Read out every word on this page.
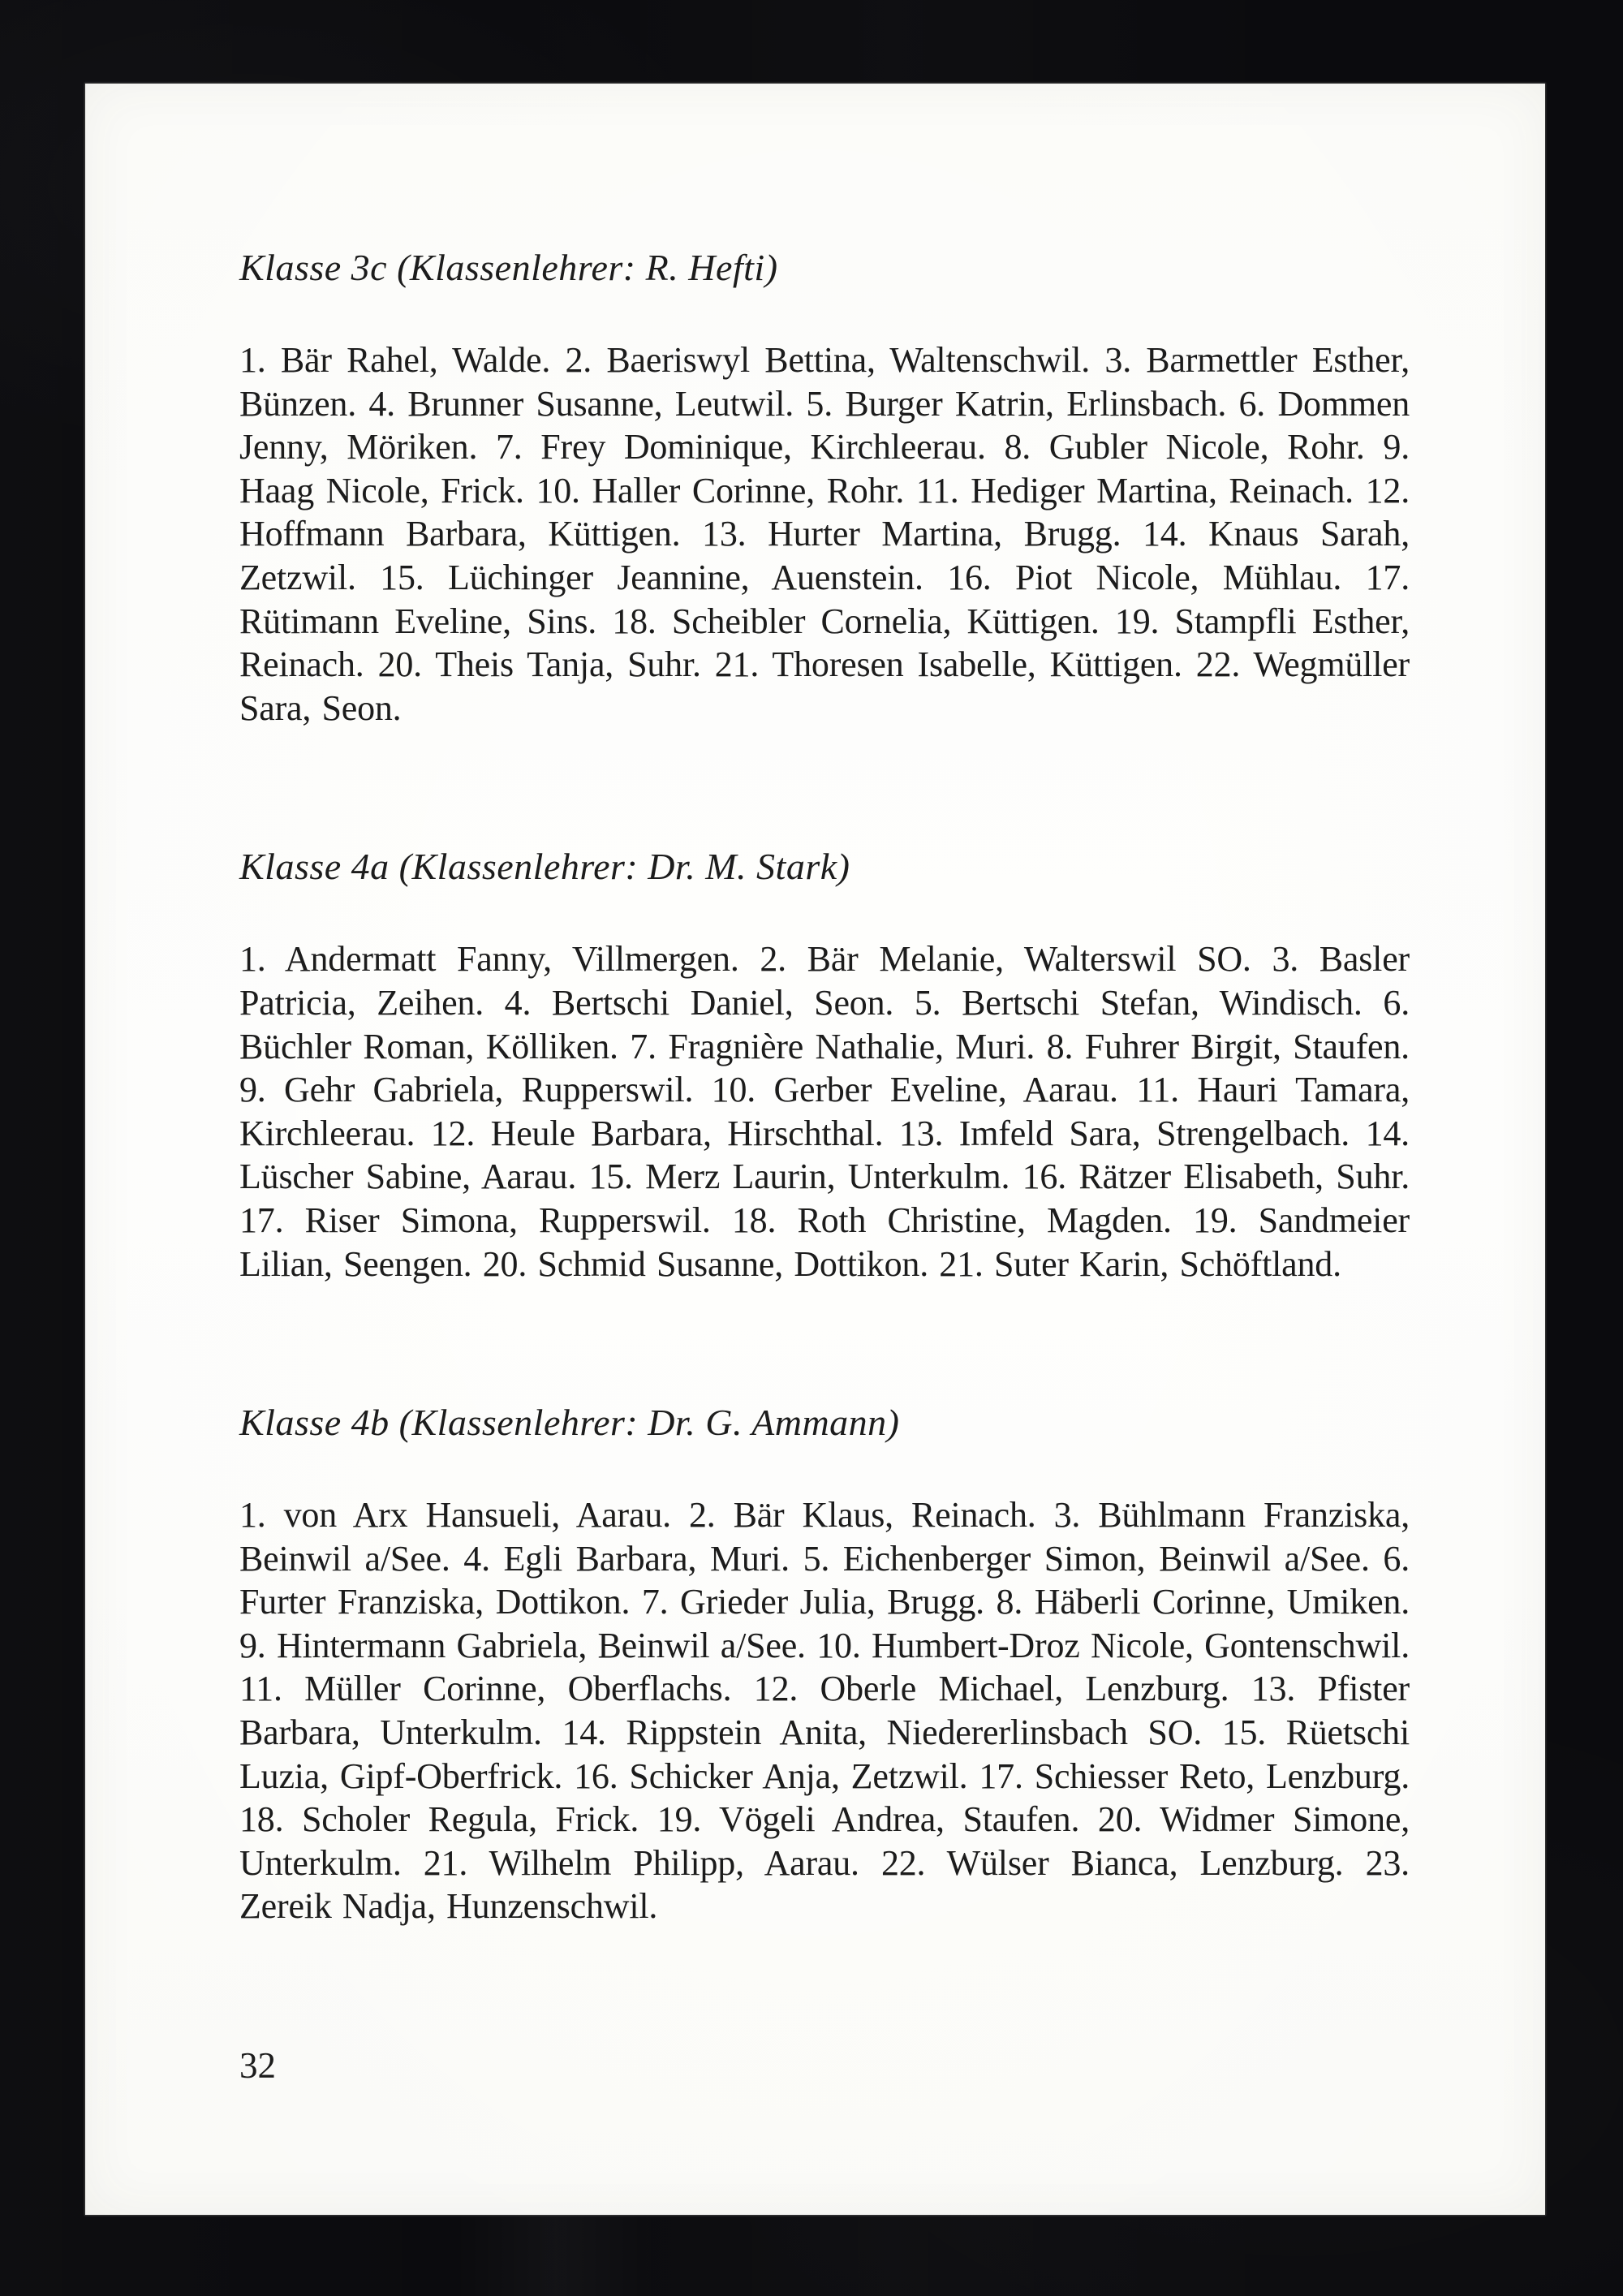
Klasse 3c (Klassenlehrer: R. Hefti)

1. Bär Rahel, Walde. 2. Baeriswyl Bettina, Waltenschwil. 3. Barmettler Esther, Bünzen. 4. Brunner Susanne, Leutwil. 5. Burger Katrin, Erlinsbach. 6. Dommen Jenny, Möriken. 7. Frey Dominique, Kirchleerau. 8. Gubler Nicole, Rohr. 9. Haag Nicole, Frick. 10. Haller Corinne, Rohr. 11. Hediger Martina, Reinach. 12. Hoffmann Barbara, Küttigen. 13. Hurter Martina, Brugg. 14. Knaus Sarah, Zetzwil. 15. Lüchinger Jeannine, Auenstein. 16. Piot Nicole, Mühlau. 17. Rütimann Eveline, Sins. 18. Scheibler Cornelia, Küttigen. 19. Stampfli Esther, Reinach. 20. Theis Tanja, Suhr. 21. Thoresen Isabelle, Küttigen. 22. Wegmüller Sara, Seon.

Klasse 4a (Klassenlehrer: Dr. M. Stark)

1. Andermatt Fanny, Villmergen. 2. Bär Melanie, Walterswil SO. 3. Basler Patricia, Zeihen. 4. Bertschi Daniel, Seon. 5. Bertschi Stefan, Windisch. 6. Büchler Roman, Kölliken. 7. Fragnière Nathalie, Muri. 8. Fuhrer Birgit, Staufen. 9. Gehr Gabriela, Rupperswil. 10. Gerber Eveline, Aarau. 11. Hauri Tamara, Kirchleerau. 12. Heule Barbara, Hirschthal. 13. Imfeld Sara, Strengelbach. 14. Lüscher Sabine, Aarau. 15. Merz Laurin, Unterkulm. 16. Rätzer Elisabeth, Suhr. 17. Riser Simona, Rupperswil. 18. Roth Christine, Magden. 19. Sandmeier Lilian, Seengen. 20. Schmid Susanne, Dottikon. 21. Suter Karin, Schöftland.

Klasse 4b (Klassenlehrer: Dr. G. Ammann)

1. von Arx Hansueli, Aarau. 2. Bär Klaus, Reinach. 3. Bühlmann Franziska, Beinwil a/See. 4. Egli Barbara, Muri. 5. Eichenberger Simon, Beinwil a/See. 6. Furter Franziska, Dottikon. 7. Grieder Julia, Brugg. 8. Häberli Corinne, Umiken. 9. Hintermann Gabriela, Beinwil a/See. 10. Humbert-Droz Nicole, Gontenschwil. 11. Müller Corinne, Oberflachs. 12. Oberle Michael, Lenzburg. 13. Pfister Barbara, Unterkulm. 14. Rippstein Anita, Niedererlinsbach SO. 15. Rüetschi Luzia, Gipf-Oberfrick. 16. Schicker Anja, Zetzwil. 17. Schiesser Reto, Lenzburg. 18. Scholer Regula, Frick. 19. Vögeli Andrea, Staufen. 20. Widmer Simone, Unterkulm. 21. Wilhelm Philipp, Aarau. 22. Wülser Bianca, Lenzburg. 23. Zereik Nadja, Hunzenschwil.

32
